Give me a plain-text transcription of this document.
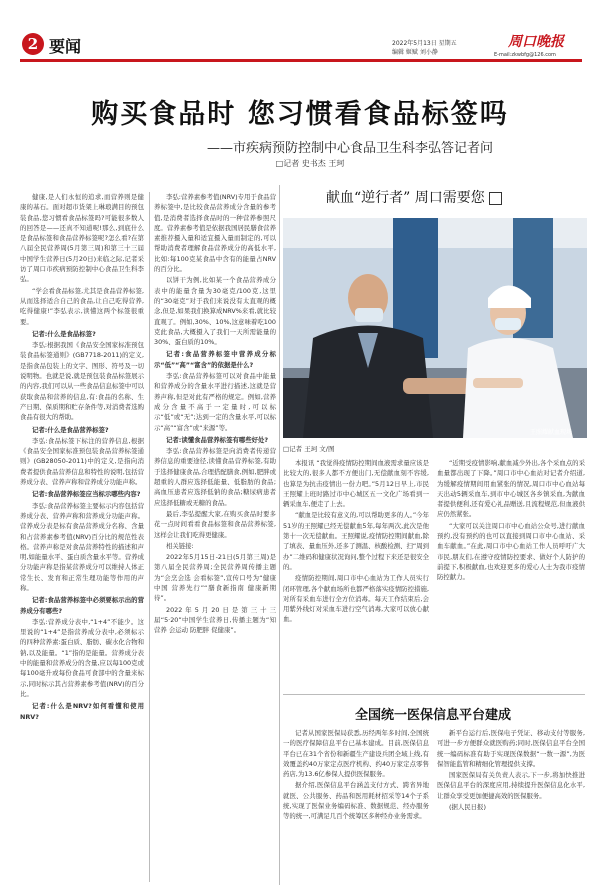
2 要闻	2022年5月13日 星期五
编辑 姬赋 刘小静
周口晚报
E-mail:zkwbfg@126.com
购买食品时 您习惯看食品标签吗
——市疾病预防控制中心食品卫生科李弘答记者问
□记者 史书杰 王珂

健康,是人们永恒的追求,而营养则是健康的基石。面对超市货架上琳琅满目的预包装食品,您习惯看食品标签吗?可能很多数人的回答是——还真不知道呢!那么,到底什么是食品标签和食品营养标签呢?怎么看?在第八届全民营养周(5月第三周)和第三十三届中国学生营养日(5月20日)来临之际,记者采访了周口市疾病预防控制中心食品卫生科李弘。

“学会看食品标签,尤其是食品营养标签,从而选择适合自己的食品,让自己吃得营养,吃得健康!”李弘表示,读懂这两个标签很重要。

记者:什么是食品标签?

李弘:根据我国《食品安全国家标准预包装食品标签通则》(GB7718-2011)的定义,是指食品包装上的文字、图形、符号及一切说明物。也就是说,就是预包装食品标签展示的内容,我们可以从一些食品信息标签中可以获取食品和营养的信息,有:食品的名称、生产日期、保质期和贮存条件等,对消费者选购食品有很大的帮助。

记者:什么是食品营养标签?

李弘:食品标签下标注的营养信息,根据《食品安全国家标准预包装食品营养标签通则》(GB28050-2011)中的定义,是指向消费者提供食品营养信息和特性的说明,包括营养成分表、营养声称和营养成分功能声称。

记者:食品营养标签应当标示哪些内容?

李弘:食品营养标签主要标示内容包括营养成分表、营养声称和营养成分功能声称。营养成分表是标有食品营养成分名称、含量和占营养素参考值(NRV)百分比的规范性表格。营养声称是对食品营养特性的描述和声明,如能量水平、蛋白质含量水平等。营养成分功能声称是指某营养成分可以维持人体正常生长、发育和正常生理功能等作用的声称。

记者:食品营养标签中必须要标示出的营养成分有哪些?

李弘:营养成分表中,“1+4”不能少。这里说的“1+4”是指营养成分表中,必须标示的四种营养素:蛋白质、脂肪、碳水化合物和钠,以及能量。“1”指的是能量。营养成分表中的能量和营养成分的含量,应以每100克或每100毫升或每份食品可食部中的含量来标示,同时标示其占营养素参考值(NRV)的百分比。

记者:什么是NRV?如何看懂和使用NRV?

李弘:营养素参考值(NRV)专用于食品营养标签中,是比较食品营养成分含量的参考值,是消费者选择食品时的一种营养参照尺度。营养素参考值是依据我国居民膳食营养素推荐摄入量和适宜摄入量而制定的,可以帮助消费者理解食品营养成分的高低水平,比如:每100克某食品中含有的能量占NRV的百分比。

以饼干为例,比如某一个食品营养成分表中的能量含量为30毫克/100克,这里的“30毫克”对于我们来说没有太直观的概念,但是,如果我们换算成NRV%来看,就比较直观了。例如,30%、10%,这意味着吃100克此食品,大概摄入了我们一天所需能量的30%、蛋白质的10%。

记者:食品营养标签中营养成分标示“低”“高”“富含”的依据是什么?

李弘:食品营养标签可以对食品中能量和营养成分的含量水平进行描述,这就是营养声称,但是对此有严格的规定。例如,营养成分含量不高于一定量时,可以标示“低”或“无”;达到一定的含量水平,可以标示“高”“富含”或“来源”等。

记者:读懂食品营养标签有哪些好处?

李弘:食品营养标签是向消费者传递营养信息的重要途径,读懂食品营养标签,有助于选择健康食品,合理搭配膳食,例如,肥胖或超重的人群应选择低能量、低脂肪的食品;高血压患者应选择低钠的食品;糖尿病患者应选择低糖或无糖的食品。

最后,李弘提醒大家,在购买食品时要多花一点时间看看食品标签和食品营养标签,这样会让我们吃得更健康。

相关链接:

2022年5月15日-21日(5月第三周)是第八届全民营养周;全民营养周传播主题为“会烹会选 会看标签”,宣传口号为“健康中国 营养先行”“膳食新指南 健康新期待”。

2022年5月20日是第三十三届“5·20”中国学生营养日,传播主题为“知营养 会运动 防肥胖 促健康”。

献血“逆行者” 周口需要您
王照耀献血现场
□记者 王珂 文/图

本报讯 “我觉得疫情防控期间血液需求量应该是比较大的,很多人都不方便出门,无偿献血刻不容缓,也算是为抗击疫情出一份力吧。”5月12日早上,市民王照耀上班时路过市中心城区五一文化广场看到一辆采血车,便走了上去。

“献血是比较有意义的,可以帮助更多的人。”今年51岁的王照耀已经无偿献血5年,每年两次,此次是他第十一次无偿献血。王照耀说,疫情防控期间献血,除了填表、量血压外,还多了测温、核酸检测、扫“周到办”二维码和健康状况询问,整个过程下来还是很安全的。

疫情防控期间,周口市中心血站为工作人员实行闭环管理,各个献血场所也都严格落实疫情防控措施,对所有采血车进行全方位消毒。每天工作结束后,会用紫外线灯对采血车进行空气消毒,大家可以放心献血。

“近期受疫情影响,献血减少外出,各个采血点的采血量都出现了下降。”周口市中心血站对记者介绍道,为缓解疫情期间用血紧张的情况,周口市中心血站每天出动5辆采血车,到市中心城区各乡镇采血,为献血者提供便利,还有爱心礼品赠送,且流程规范,但血液供应仍然紧张。

“大家可以关注周口市中心血站公众号,进行献血预约,没有预约的也可以直接到周口市中心血站、采血车献血。”在此,周口市中心血站工作人员呼吁广大市民,朋友们,在遵守疫情防控要求、做好个人防护的前提下,积极献血,也欢迎更多的爱心人士为我市疫情防控献力。

全国统一医保信息平台建成

记者从国家医保局获悉,历经两年多时间,全国统一的医疗保障信息平台已基本建成。目前,医保信息平台已在31个省份和新疆生产建设兵团全域上线,有效覆盖约40万家定点医疗机构、约40万家定点零售药店,为13.6亿参保人提供医保服务。

据介绍,医保信息平台涵盖支付方式、跨省异地就医、公共服务、药品和医用耗材招采等14个子系统,实现了医保业务编码标准、数据规范、经办服务等的统一,可满足几百个统筹区多种经办业务需求。

新平台运行后,医保电子凭证、移动支付等服务,可进一步方便群众就医购药;同时,医保信息平台全国统一编码标准有助于实现医保数据“一数一源”,为医保智能监管和精细化管理提供支撑。

国家医保局有关负责人表示,下一步,将加快推进医保信息平台的深度应用,持续提升医保信息化水平,让群众享受更加便捷高效的医保服务。

(据人民日报)
